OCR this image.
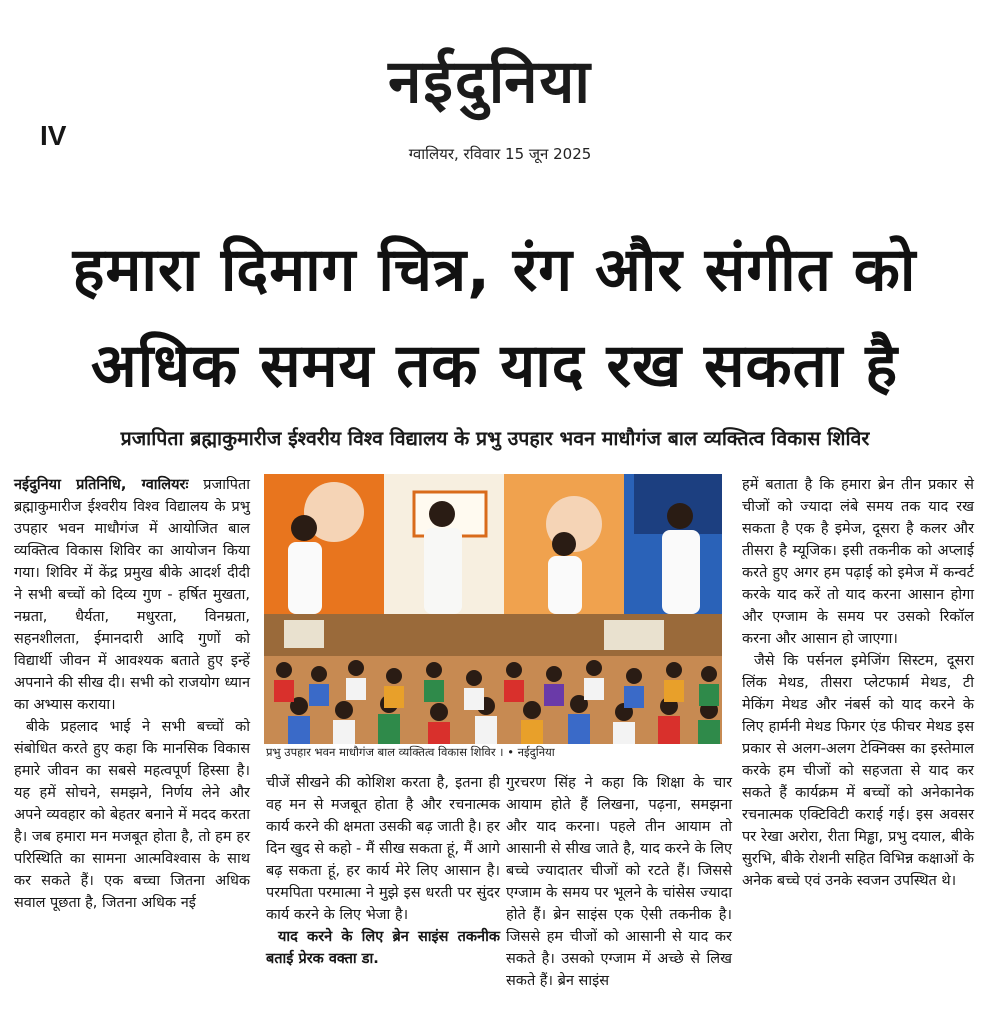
नईदुनिया
IV
ग्वालियर, रविवार 15 जून 2025
हमारा दिमाग चित्र, रंग और संगीत को
अधिक समय तक याद रख सकता है
प्रजापिता ब्रह्माकुमारीज ईश्वरीय विश्व विद्यालय के प्रभु उपहार भवन माधौगंज बाल व्यक्तित्व विकास शिविर

नईदुनिया प्रतिनिधि, ग्वालियरः प्रजापिता ब्रह्माकुमारीज ईश्वरीय विश्व विद्यालय के प्रभु उपहार भवन माधौगंज में आयोजित बाल व्यक्तित्व विकास शिविर का आयोजन किया गया। शिविर में केंद्र प्रमुख बीके आदर्श दीदी ने सभी बच्चों को दिव्य गुण - हर्षित मुखता, नम्रता, धैर्यता, मधुरता, विनम्रता, सहनशीलता, ईमानदारी आदि गुणों को विद्यार्थी जीवन में आवश्यक बताते हुए इन्हें अपनाने की सीख दी। सभी को राजयोग ध्यान का अभ्यास कराया।

बीके प्रहलाद भाई ने सभी बच्चों को संबोधित करते हुए कहा कि मानसिक विकास हमारे जीवन का सबसे महत्वपूर्ण हिस्सा है। यह हमें सोचने, समझने, निर्णय लेने और अपने व्यवहार को बेहतर बनाने में मदद करता है। जब हमारा मन मजबूत होता है, तो हम हर परिस्थिति का सामना आत्मविश्वास के साथ कर सकते हैं। एक बच्चा जितना अधिक सवाल पूछता है, जितना अधिक नई

प्रभु उपहार भवन माधौगंज बाल व्यक्तित्व विकास शिविर । • नईदुनिया

चीजें सीखने की कोशिश करता है, इतना ही वह मन से मजबूत होता है और रचनात्मक कार्य करने की क्षमता उसकी बढ़ जाती है। हर दिन खुद से कहो - मैं सीख सकता हूं, मैं आगे बढ़ सकता हूं, हर कार्य मेरे लिए आसान है। परमपिता परमात्मा ने मुझे इस धरती पर सुंदर कार्य करने के लिए भेजा है।

याद करने के लिए ब्रेन साइंस तकनीक बताई प्रेरक वक्ता डा.

गुरचरण सिंह ने कहा कि शिक्षा के चार आयाम होते हैं लिखना, पढ़ना, समझना और याद करना। पहले तीन आयाम तो आसानी से सीख जाते है, याद करने के लिए बच्चे ज्यादातर चीजों को रटते हैं। जिससे एग्जाम के समय पर भूलने के चांसेस ज्यादा होते हैं। ब्रेन साइंस एक ऐसी तकनीक है। जिससे हम चीजों को आसानी से याद कर सकते है। उसको एग्जाम में अच्छे से लिख सकते हैं। ब्रेन साइंस

हमें बताता है कि हमारा ब्रेन तीन प्रकार से चीजों को ज्यादा लंबे समय तक याद रख सकता है एक है इमेज, दूसरा है कलर और तीसरा है म्यूजिक। इसी तकनीक को अप्लाई करते हुए अगर हम पढ़ाई को इमेज में कन्वर्ट करके याद करें तो याद करना आसान होगा और एग्जाम के समय पर उसको रिकॉल करना और आसान हो जाएगा।

जैसे कि पर्सनल इमेजिंग सिस्टम, दूसरा लिंक मेथड, तीसरा प्लेटफार्म मेथड, टी मेकिंग मेथड और नंबर्स को याद करने के लिए हार्मनी मेथड फिगर एंड फीचर मेथड इस प्रकार से अलग-अलग टेक्निक्स का इस्तेमाल करके हम चीजों को सहजता से याद कर सकते हैं कार्यक्रम में बच्चों को अनेकानेक रचनात्मक एक्टिविटी कराई गई। इस अवसर पर रेखा अरोरा, रीता मिड्ढा, प्रभु दयाल, बीके सुरभि, बीके रोशनी सहित विभिन्न कक्षाओं के अनेक बच्चे एवं उनके स्वजन उपस्थित थे।
